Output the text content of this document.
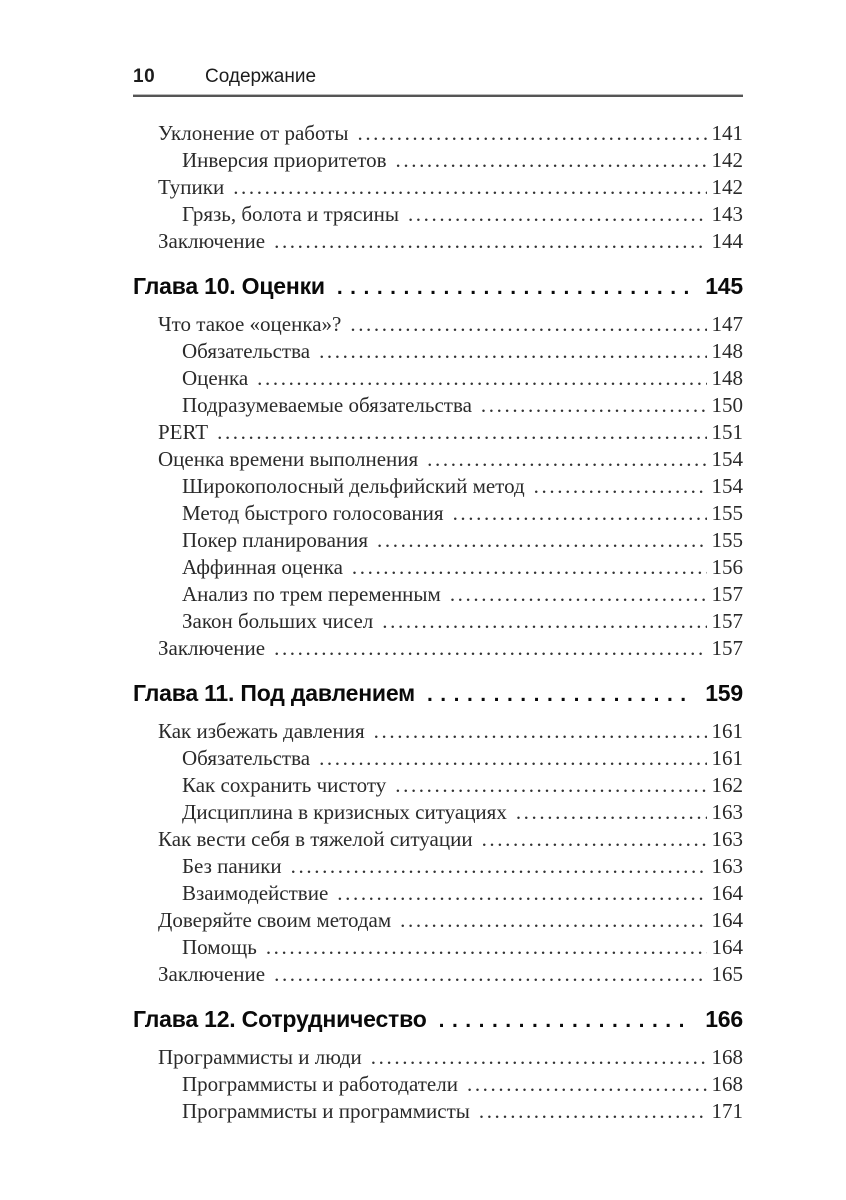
10	Содержание
Уклонение от работы .....	141
Инверсия приоритетов .....	142
Тупики .....	142
Грязь, болота и трясины .....	143
Заключение .....	144
Глава 10. Оценки .....	145
Что такое «оценка»? .....	147
Обязательства .....	148
Оценка .....	148
Подразумеваемые обязательства .....	150
PERT .....	151
Оценка времени выполнения .....	154
Широкополосный дельфийский метод .....	154
Метод быстрого голосования .....	155
Покер планирования .....	155
Аффинная оценка .....	156
Анализ по трем переменным .....	157
Закон больших чисел .....	157
Заключение .....	157
Глава 11. Под давлением .....	159
Как избежать давления .....	161
Обязательства .....	161
Как сохранить чистоту .....	162
Дисциплина в кризисных ситуациях .....	163
Как вести себя в тяжелой ситуации .....	163
Без паники .....	163
Взаимодействие .....	164
Доверяйте своим методам .....	164
Помощь .....	164
Заключение .....	165
Глава 12. Сотрудничество .....	166
Программисты и люди .....	168
Программисты и работодатели .....	168
Программисты и программисты .....	171
